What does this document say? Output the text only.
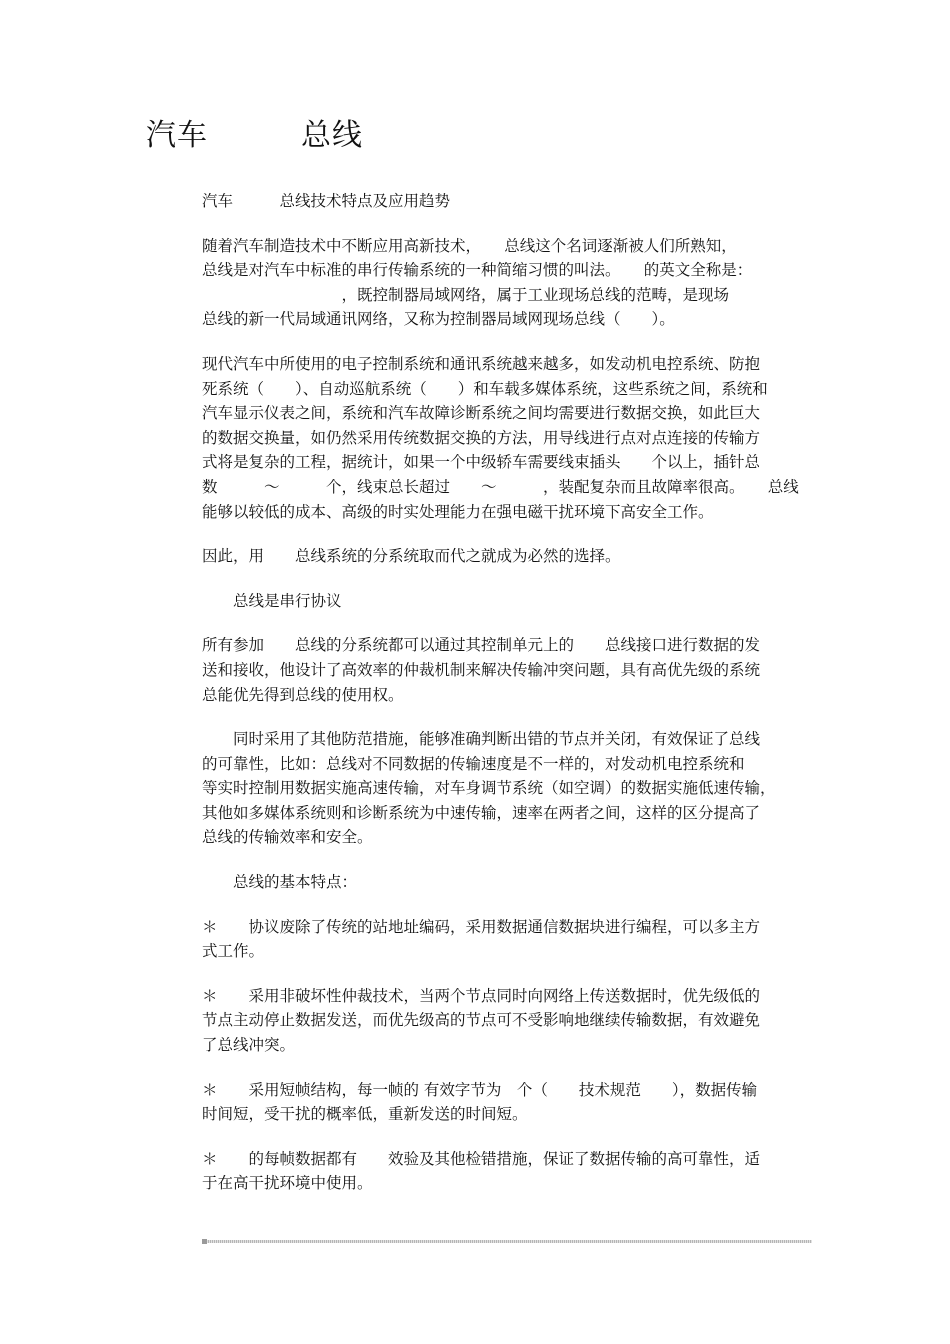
汽车　　　总线

汽车　　　总线技术特点及应用趋势

随着汽车制造技术中不断应用高新技术，　　总线这个名词逐渐被人们所熟知，
总线是对汽车中标准的串行传输系统的一种简缩习惯的叫法。　　的英文全称是：
　　　　　　　　　，既控制器局域网络，属于工业现场总线的范畴，是现场
总线的新一代局域通讯网络，又称为控制器局域网现场总线（　　）。

现代汽车中所使用的电子控制系统和通讯系统越来越多，如发动机电控系统、防抱
死系统（　　）、自动巡航系统（　　）和车载多媒体系统，这些系统之间，系统和
汽车显示仪表之间，系统和汽车故障诊断系统之间均需要进行数据交换，如此巨大
的数据交换量，如仍然采用传统数据交换的方法，用导线进行点对点连接的传输方
式将是复杂的工程，据统计，如果一个中级轿车需要线束插头　　个以上，插针总
数　　　～　　　个，线束总长超过　　～　　　，装配复杂而且故障率很高。　　总线
能够以较低的成本、高级的时实处理能力在强电磁干扰环境下高安全工作。

因此，用　　总线系统的分系统取而代之就成为必然的选择。

　　总线是串行协议

所有参加　　总线的分系统都可以通过其控制单元上的　　总线接口进行数据的发
送和接收，他设计了高效率的仲裁机制来解决传输冲突问题，具有高优先级的系统
总能优先得到总线的使用权。

　　同时采用了其他防范措施，能够准确判断出错的节点并关闭，有效保证了总线
的可靠性，比如：总线对不同数据的传输速度是不一样的，对发动机电控系统和
等实时控制用数据实施高速传输，对车身调节系统（如空调）的数据实施低速传输，
其他如多媒体系统则和诊断系统为中速传输，速率在两者之间，这样的区分提高了
总线的传输效率和安全。

　　总线的基本特点：

＊　　协议废除了传统的站地址编码，采用数据通信数据块进行编程，可以多主方
式工作。

＊　　采用非破坏性仲裁技术，当两个节点同时向网络上传送数据时，优先级低的
节点主动停止数据发送，而优先级高的节点可不受影响地继续传输数据，有效避免
了总线冲突。

＊　　采用短帧结构，每一帧的 有效字节为　个（　　技术规范　　），数据传输
时间短，受干扰的概率低，重新发送的时间短。

＊　　的每帧数据都有　　效验及其他检错措施，保证了数据传输的高可靠性，适
于在高干扰环境中使用。
